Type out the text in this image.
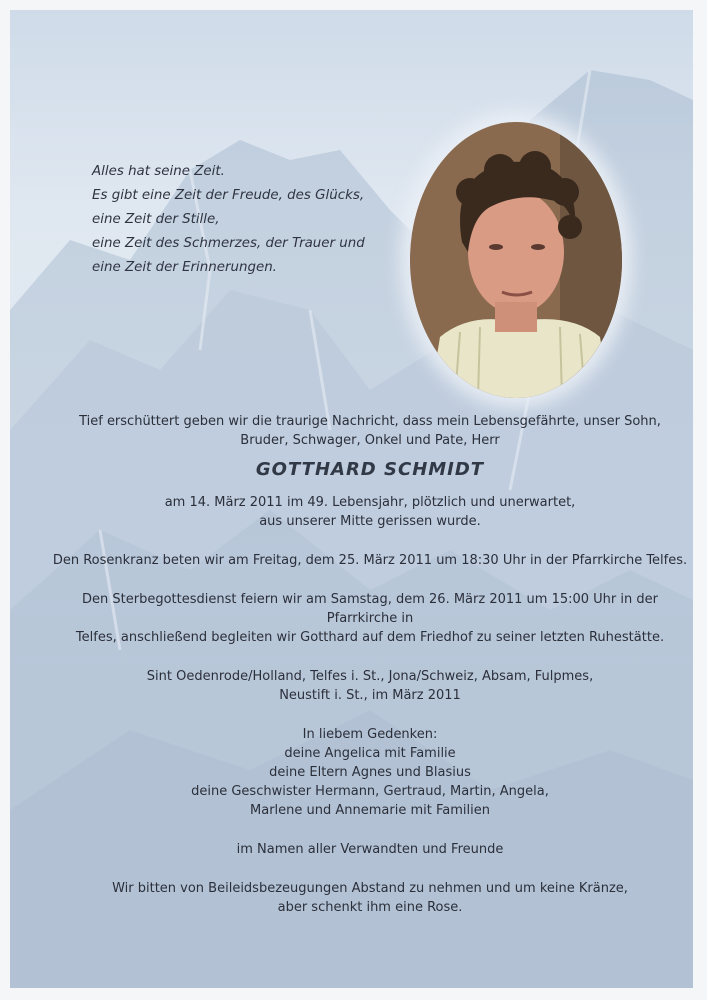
Alles hat seine Zeit.
Es gibt eine Zeit der Freude, des Glücks,
eine Zeit der Stille,
eine Zeit des Schmerzes, der Trauer und
eine Zeit der Erinnerungen.

Tief erschüttert geben wir die traurige Nachricht, dass mein Lebensgefährte, unser Sohn,

Bruder, Schwager, Onkel und Pate, Herr

GOTTHARD SCHMIDT

am 14. März 2011 im 49. Lebensjahr, plötzlich und unerwartet,

aus unserer Mitte gerissen wurde.

Den Rosenkranz beten wir am Freitag, dem 25. März 2011 um 18:30 Uhr in der Pfarrkirche Telfes.

Den Sterbegottesdienst feiern wir am Samstag, dem 26. März 2011 um 15:00 Uhr in der Pfarrkirche in

Telfes, anschließend begleiten wir Gotthard auf dem Friedhof zu seiner letzten Ruhestätte.

Sint Oedenrode/Holland, Telfes i. St., Jona/Schweiz, Absam, Fulpmes,

Neustift i. St., im März 2011

In liebem Gedenken:

deine Angelica mit Familie

deine Eltern Agnes und Blasius

deine Geschwister Hermann, Gertraud, Martin, Angela,

Marlene und Annemarie mit Familien

im Namen aller Verwandten und Freunde

Wir bitten von Beileidsbezeugungen Abstand zu nehmen und um keine Kränze,

aber schenkt ihm eine Rose.
